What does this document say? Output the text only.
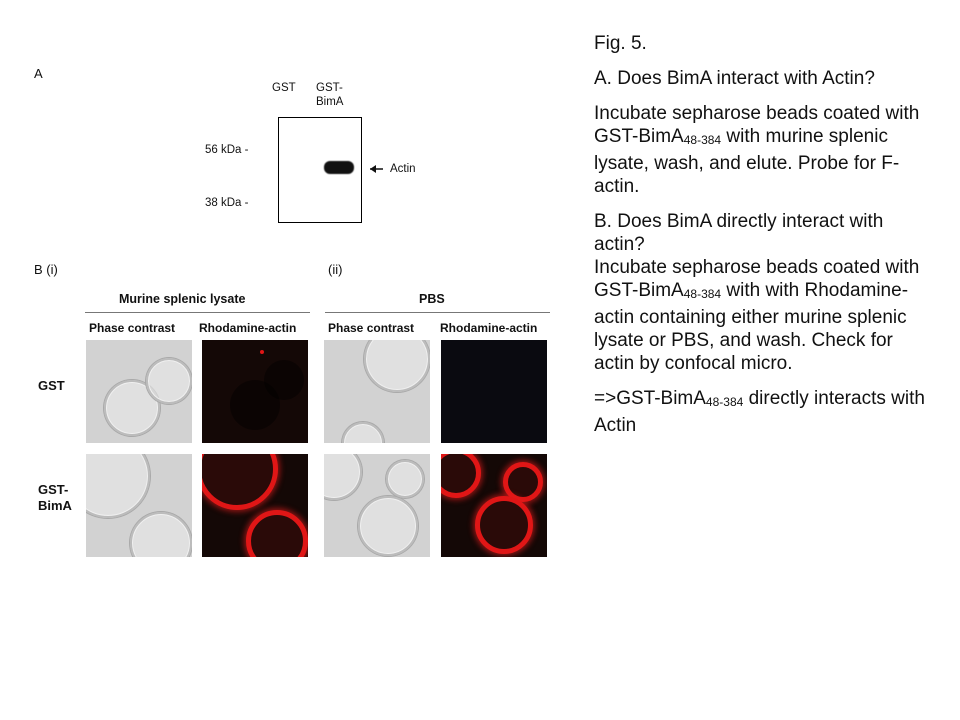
A
GST GST-
BimA
56 kDa -
38 kDa -
Actin
B (i)	(ii)
Murine splenic lysate	PBS
Phase contrast Rhodamine-actin	Phase contrast Rhodamine-actin
GST
GST-
BimA

Fig. 5.

A. Does BimA interact with Actin?

Incubate sepharose beads coated with GST-BimA$_{48-384}$ with murine splenic lysate, wash, and elute. Probe for F-actin.

B. Does BimA directly interact with actin?

Incubate sepharose beads coated with GST-BimA$_{48-384}$ with with Rhodamine-actin containing either murine splenic lysate or PBS, and wash. Check for actin by confocal micro.

=>GST-BimA$_{48-384}$ directly interacts with Actin
